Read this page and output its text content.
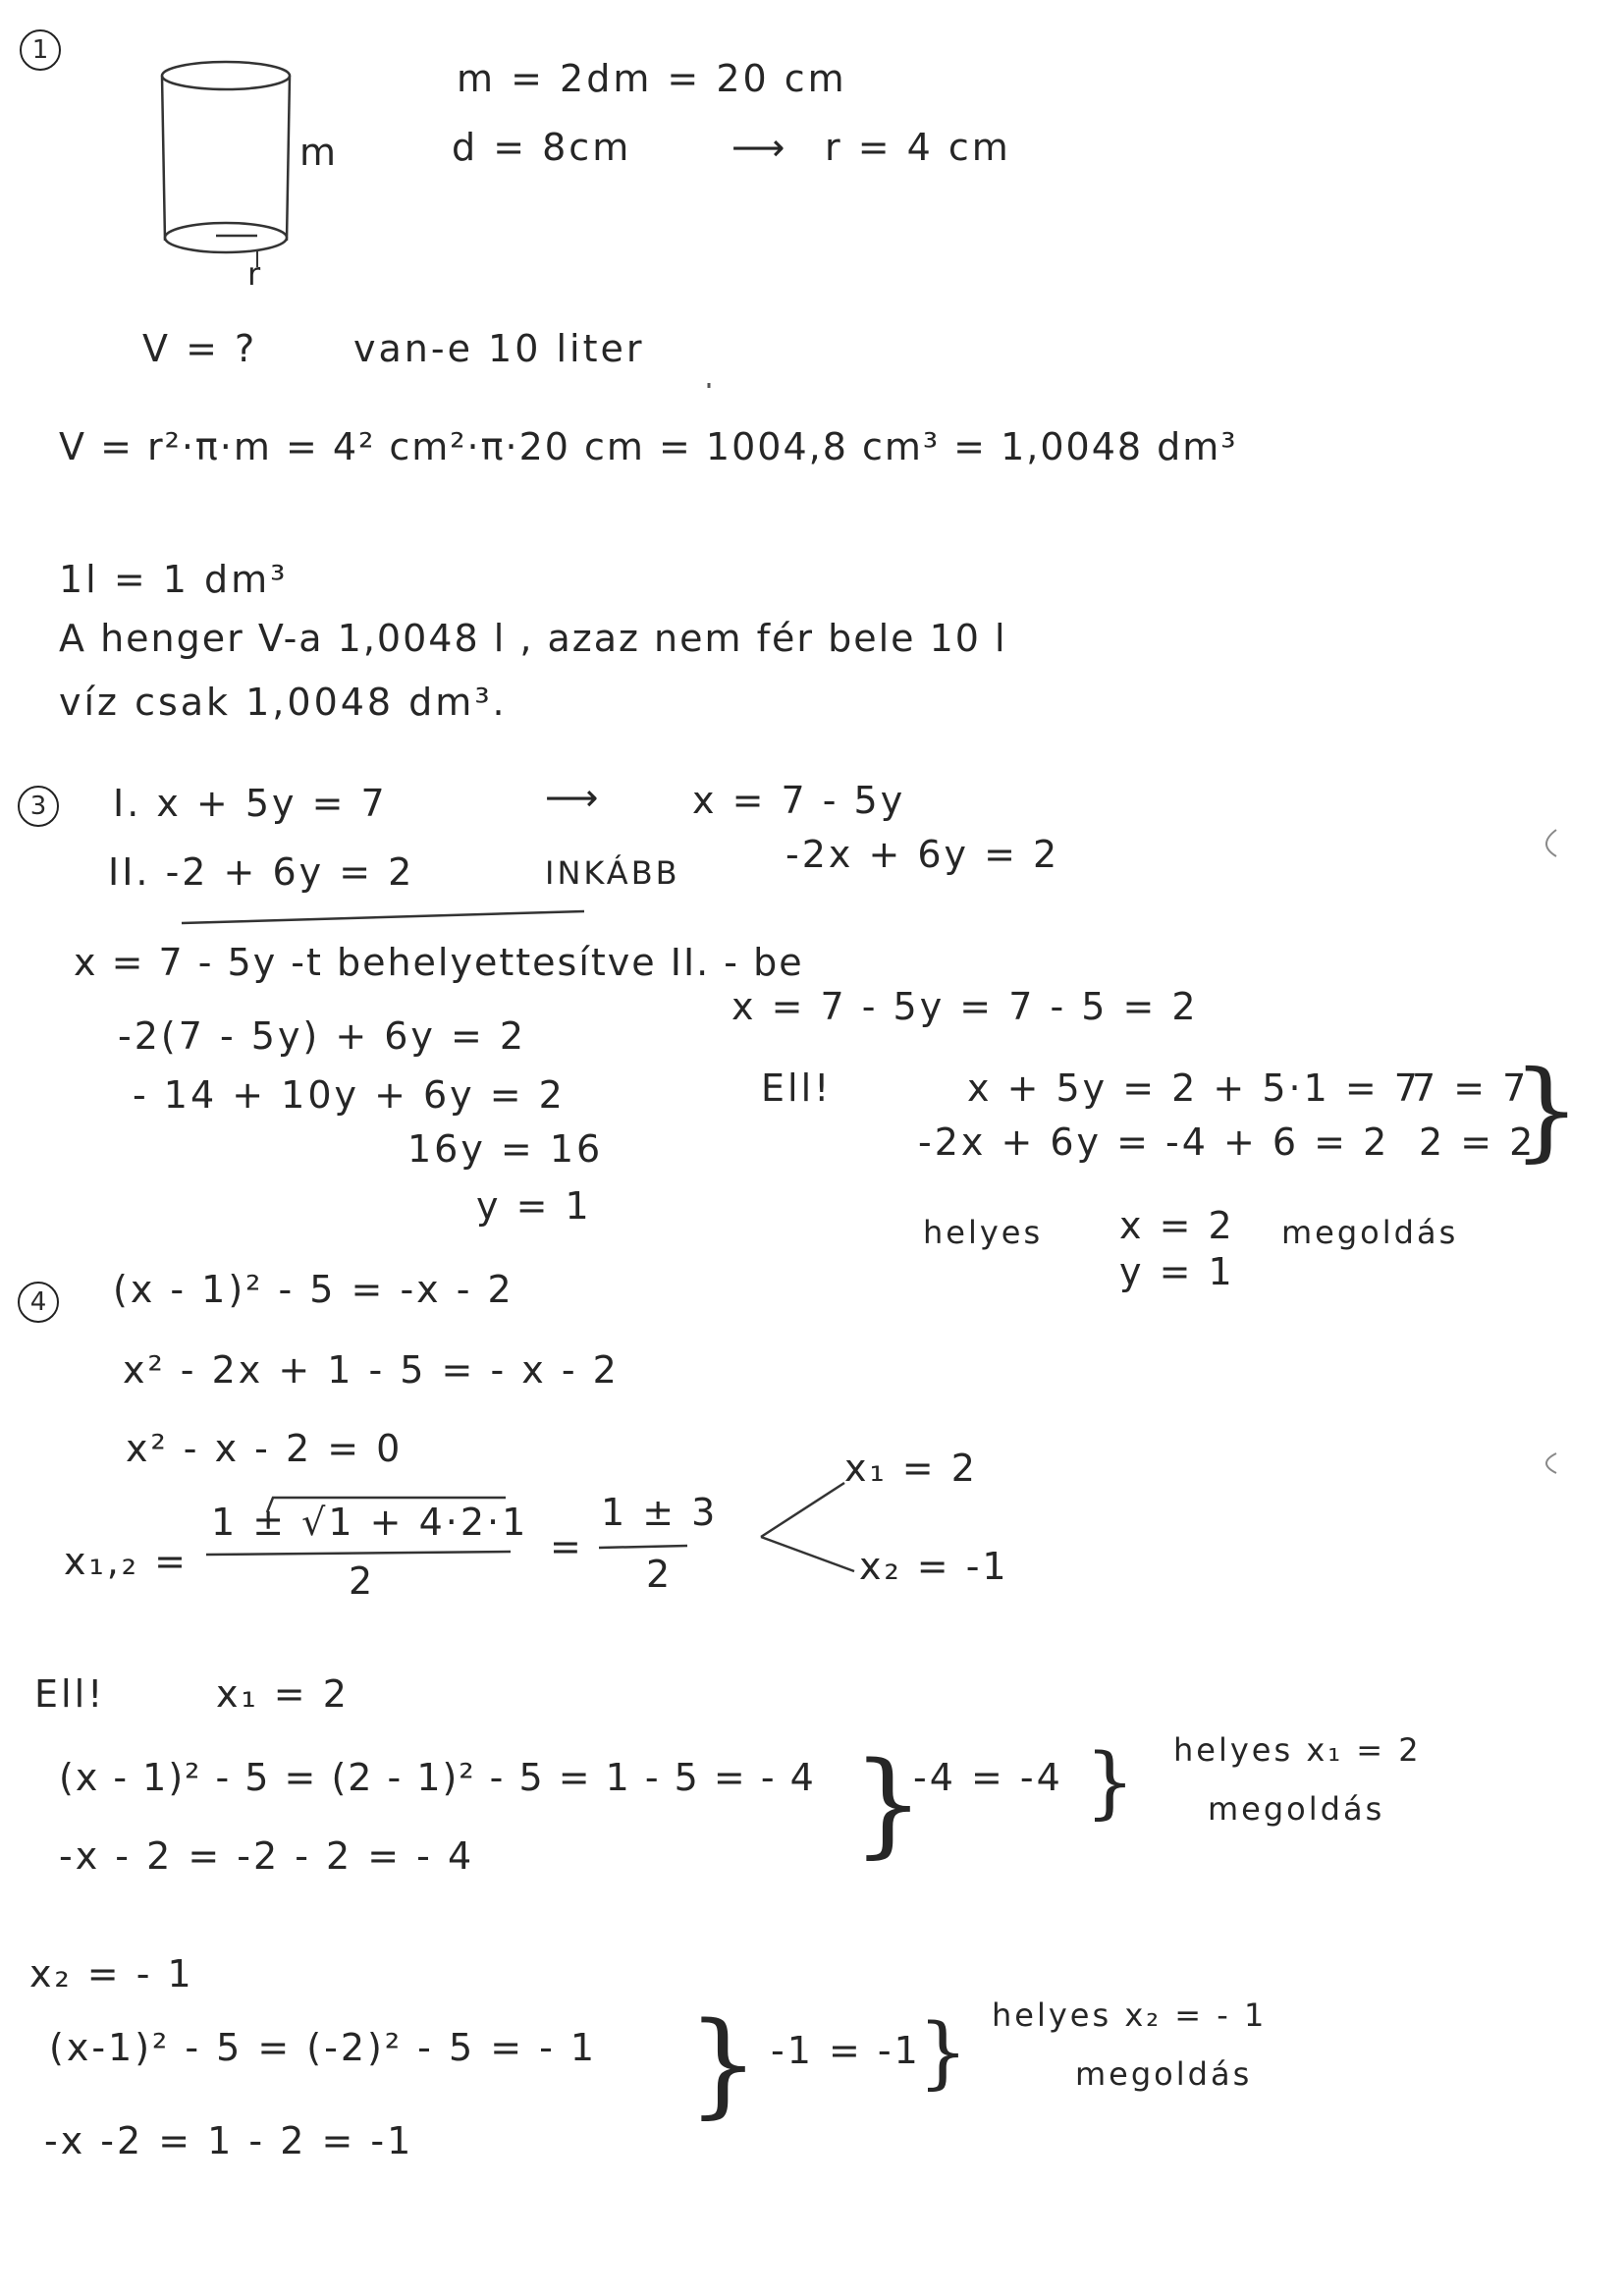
1
m
r
m = 2dm = 20 cm
d = 8cm	⟶ r = 4 cm
V = ?	van-e 10 liter
V = r²·π·m = 4² cm²·π·20 cm = 1004,8 cm³ = 1,0048 dm³
1l = 1 dm³
A henger V-a 1,0048 l , azaz nem fér bele 10 l
víz csak 1,0048 dm³.
3	I. x + 5y = 7	⟶ x = 7 - 5y
II. -2 + 6y = 2	INKÁBB	-2x + 6y = 2
x = 7 - 5y -t behelyettesítve II. - be
-2(7 - 5y) + 6y = 2
- 14 + 10y + 6y = 2
16y = 16
y = 1
x = 7 - 5y = 7 - 5 = 2
Ell!	x + 5y = 2 + 5·1 = 7
7 = 7
-2x + 6y = -4 + 6 = 2 2 = 2
}
helyes x = 2
y = 1
megoldás
4	(x - 1)² - 5 = -x - 2
x² - 2x + 1 - 5 = - x - 2
x² - x - 2 = 0
x₁,₂ =
1 ± √1 + 4·2·1
2
=
1 ± 3
2
x₁ = 2
x₂ = -1
Ell!	x₁ = 2
(x - 1)² - 5 = (2 - 1)² - 5 = 1 - 5 = - 4
-x - 2 = -2 - 2 = - 4	}
-4 = -4 } helyes x₁ = 2
megoldás
x₂ = - 1
(x-1)² - 5 = (-2)² - 5 = - 1
-x -2 = 1 - 2 = -1
} -1 = -1
} helyes x₂ = - 1
megoldás
